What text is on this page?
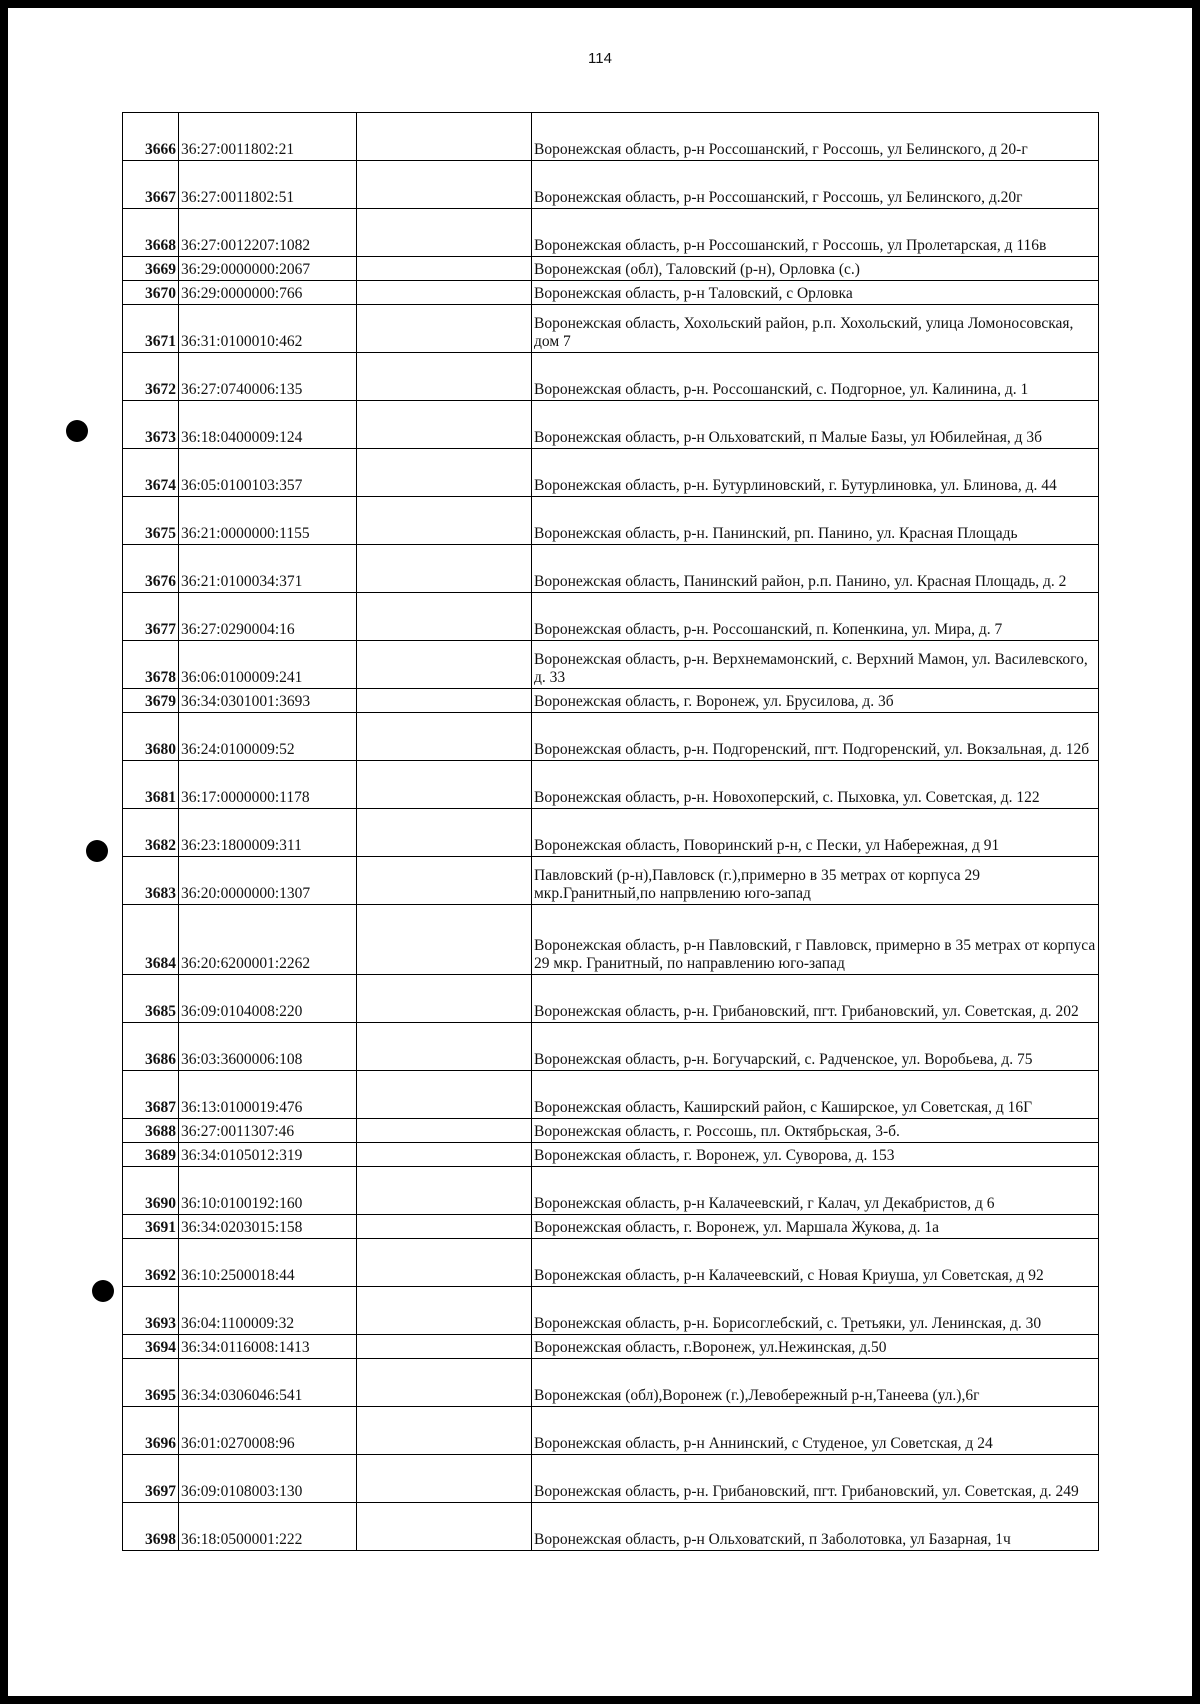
114
3666	36:27:0011802:21		Воронежская область, р-н Россошанский, г Россошь, ул Белинского, д 20-г
3667	36:27:0011802:51		Воронежская область, р-н Россошанский, г Россошь, ул Белинского, д.20г
3668	36:27:0012207:1082		Воронежская область, р-н Россошанский, г Россошь, ул Пролетарская, д 116в
3669	36:29:0000000:2067		Воронежская (обл), Таловский (р-н), Орловка (с.)
3670	36:29:0000000:766		Воронежская область, р-н Таловский, с Орловка
3671	36:31:0100010:462		Воронежская область, Хохольский район, р.п. Хохольский, улица Ломоносовская, дом 7
3672	36:27:0740006:135		Воронежская область, р-н. Россошанский, с. Подгорное, ул. Калинина, д. 1
3673	36:18:0400009:124		Воронежская область, р-н Ольховатский, п Малые Базы, ул Юбилейная, д 3б
3674	36:05:0100103:357		Воронежская область, р-н. Бутурлиновский, г. Бутурлиновка, ул. Блинова, д. 44
3675	36:21:0000000:1155		Воронежская область, р-н. Панинский, рп. Панино, ул. Красная Площадь
3676	36:21:0100034:371		Воронежская область, Панинский район, р.п. Панино, ул. Красная Площадь, д. 2
3677	36:27:0290004:16		Воронежская область, р-н. Россошанский, п. Копенкина, ул. Мира, д. 7
3678	36:06:0100009:241		Воронежская область, р-н. Верхнемамонский, с. Верхний Мамон, ул. Василевского, д. 33
3679	36:34:0301001:3693		Воронежская область, г. Воронеж, ул. Брусилова, д. 3б
3680	36:24:0100009:52		Воронежская область, р-н. Подгоренский, пгт. Подгоренский, ул. Вокзальная, д. 12б
3681	36:17:0000000:1178		Воронежская область, р-н. Новохоперский, с. Пыховка, ул. Советская, д. 122
3682	36:23:1800009:311		Воронежская область, Поворинский р-н, с Пески, ул Набережная, д 91
3683	36:20:0000000:1307		Павловский (р-н),Павловск (г.),примерно в 35 метрах от корпуса 29 мкр.Гранитный,по напрвлению юго-запад
3684	36:20:6200001:2262		Воронежская область, р-н Павловский, г Павловск, примерно в 35 метрах от корпуса 29 мкр. Гранитный, по направлению юго-запад
3685	36:09:0104008:220		Воронежская область, р-н. Грибановский, пгт. Грибановский, ул. Советская, д. 202
3686	36:03:3600006:108		Воронежская область, р-н. Богучарский, с. Радченское, ул. Воробьева, д. 75
3687	36:13:0100019:476		Воронежская область, Каширский район, с Каширское, ул Советская, д 16Г
3688	36:27:0011307:46		Воронежская область, г. Россошь, пл. Октябрьская, 3-б.
3689	36:34:0105012:319		Воронежская область, г. Воронеж, ул. Суворова, д. 153
3690	36:10:0100192:160		Воронежская область, р-н Калачеевский, г Калач, ул Декабристов, д 6
3691	36:34:0203015:158		Воронежская область, г. Воронеж, ул. Маршала Жукова, д. 1а
3692	36:10:2500018:44		Воронежская область, р-н Калачеевский, с Новая Криуша, ул Советская, д 92
3693	36:04:1100009:32		Воронежская область, р-н. Борисоглебский, с. Третьяки, ул. Ленинская, д. 30
3694	36:34:0116008:1413		Воронежская область, г.Воронеж, ул.Нежинская, д.50
3695	36:34:0306046:541		Воронежская (обл),Воронеж (г.),Левобережный р-н,Танеева (ул.),6г
3696	36:01:0270008:96		Воронежская область, р-н Аннинский, с Студеное, ул Советская, д 24
3697	36:09:0108003:130		Воронежская область, р-н. Грибановский, пгт. Грибановский, ул. Советская, д. 249
3698	36:18:0500001:222		Воронежская область, р-н Ольховатский, п Заболотовка, ул Базарная, 1ч
